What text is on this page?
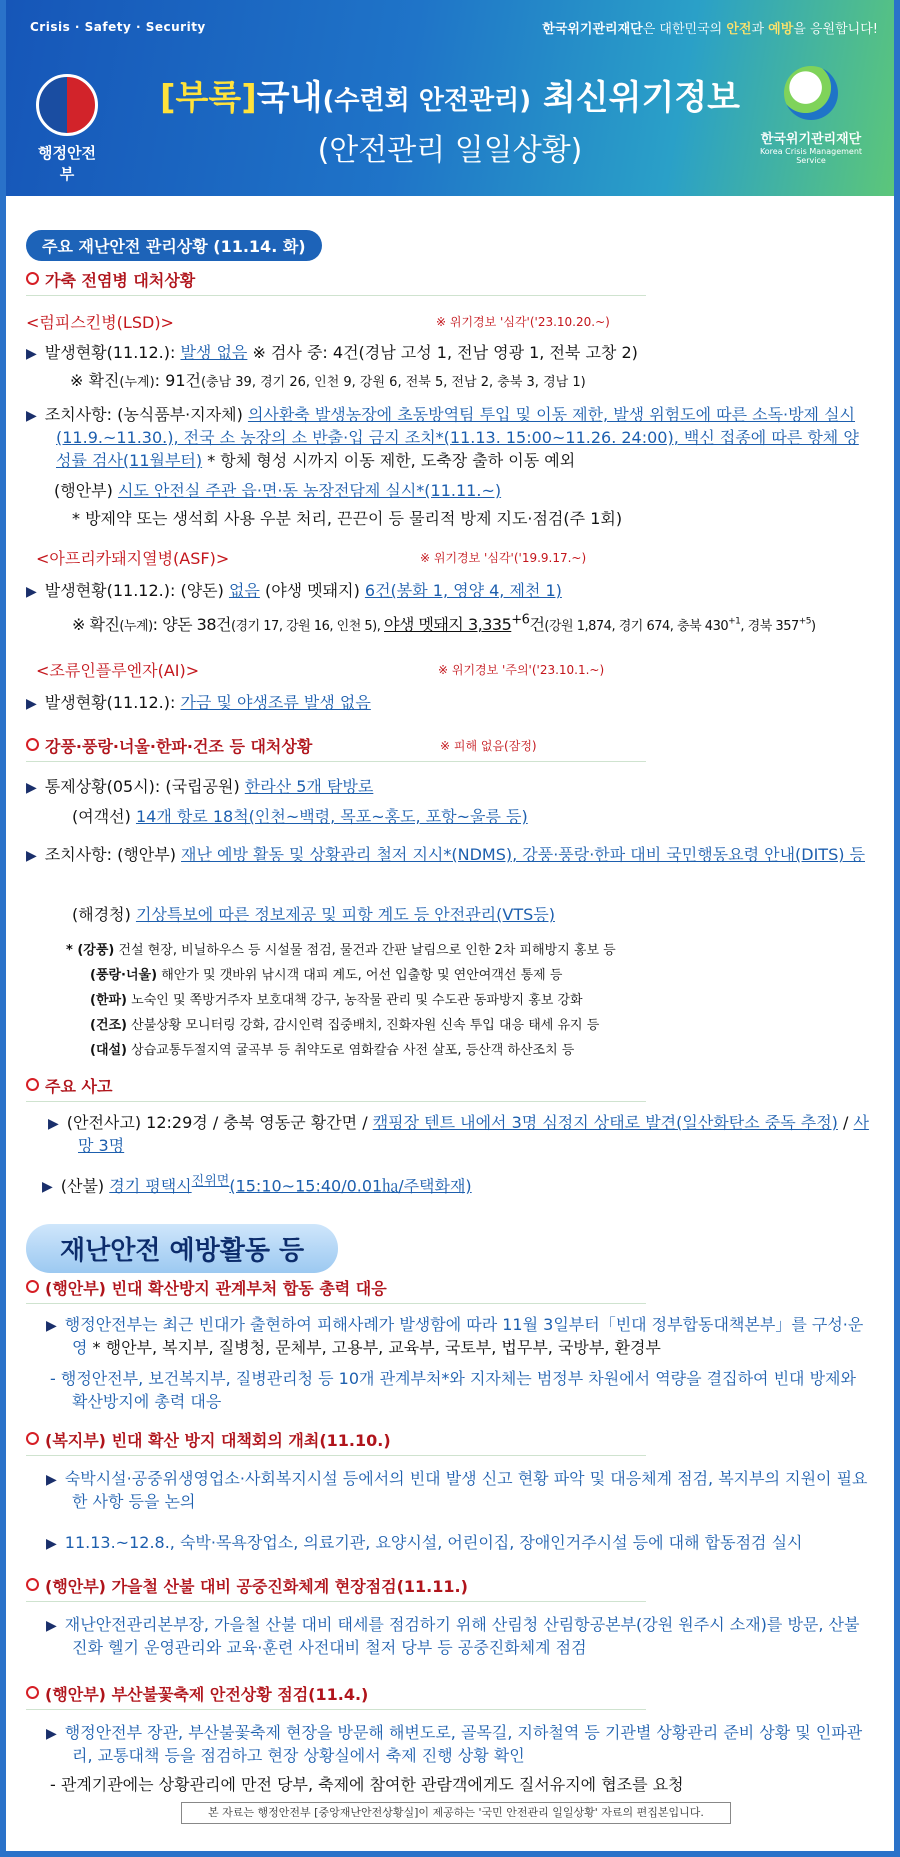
Crisis · Safety · Security	한국위기관리재단은 대한민국의 안전과 예방을 응원합니다!
행정안전부
[부록]국내(수련회 안전관리) 최신위기정보
(안전관리 일일상황)	한국위기관리재단
Korea Crisis Management Service
주요 재난안전 관리상황 (11.14. 화)
가축 전염병 대처상황
<럼피스킨병(LSD)>	※ 위기경보 '심각'('23.10.20.~)
▶ 발생현황(11.12.): 발생 없음 ※ 검사 중: 4건(경남 고성 1, 전남 영광 1, 전북 고창 2)
※ 확진(누계): 91건(충남 39, 경기 26, 인천 9, 강원 6, 전북 5, 전남 2, 충북 3, 경남 1)
▶ 조치사항: (농식품부·지자체) 의사환축 발생농장에 초동방역팀 투입 및 이동 제한, 발생 위험도에 따른 소독·방제 실시(11.9.~11.30.), 전국 소 농장의 소 반출·입 금지 조치*(11.13. 15:00~11.26. 24:00), 백신 접종에 따른 항체 양성률 검사(11월부터) * 항체 형성 시까지 이동 제한, 도축장 출하 이동 예외
(행안부) 시도 안전실 주관 읍·면·동 농장전담제 실시*(11.11.~)
* 방제약 또는 생석회 사용 우분 처리, 끈끈이 등 물리적 방제 지도·점검(주 1회)
<아프리카돼지열병(ASF)>	※ 위기경보 '심각'('19.9.17.~)
▶ 발생현황(11.12.): (양돈) 없음 (야생 멧돼지) 6건(봉화 1, 영양 4, 제천 1)
※ 확진(누계): 양돈 38건(경기 17, 강원 16, 인천 5), 야생 멧돼지 $3,335^{+6}$건(강원 1,874, 경기 674, 충북 $430^{+1}$, 경북 $357^{+5}$)
<조류인플루엔자(AI)>	※ 위기경보 '주의'('23.10.1.~)
▶ 발생현황(11.12.): 가금 및 야생조류 발생 없음
강풍·풍랑·너울·한파·건조 등 대처상황	※ 피해 없음(잠정)
▶ 통제상황(05시): (국립공원) 한라산 5개 탐방로
(여객선) 14개 항로 18척(인천~백령, 목포~홍도, 포항~울릉 등)
▶ 조치사항: (행안부) 재난 예방 활동 및 상황관리 철저 지시*(NDMS), 강풍·풍랑·한파 대비 국민행동요령 안내(DITS) 등
(해경청) 기상특보에 따른 정보제공 및 피항 계도 등 안전관리(VTS등)
* (강풍) 건설 현장, 비닐하우스 등 시설물 점검, 물건과 간판 날림으로 인한 2차 피해방지 홍보 등
(풍랑·너울) 해안가 및 갯바위 낚시객 대피 계도, 어선 입출항 및 연안여객선 통제 등
(한파) 노숙인 및 쪽방거주자 보호대책 강구, 농작물 관리 및 수도관 동파방지 홍보 강화
(건조) 산불상황 모니터링 강화, 감시인력 집중배치, 진화자원 신속 투입 대응 태세 유지 등
(대설) 상습교통두절지역 굴곡부 등 취약도로 염화칼슘 사전 살포, 등산객 하산조치 등
주요 사고
▶ (안전사고) 12:29경 / 충북 영동군 황간면 / 캠핑장 텐트 내에서 3명 심정지 상태로 발견(일산화탄소 중독 추정) / 사망 3명
▶ (산불) 경기 평택시$^{진위면}$(15:10~15:40/0.01㏊/주택화재)
재난안전 예방활동 등
(행안부) 빈대 확산방지 관계부처 합동 총력 대응
▶ 행정안전부는 최근 빈대가 출현하여 피해사례가 발생함에 따라 11월 3일부터「빈대 정부합동대책본부」를 구성·운영 * 행안부, 복지부, 질병청, 문체부, 고용부, 교육부, 국토부, 법무부, 국방부, 환경부
- 행정안전부, 보건복지부, 질병관리청 등 10개 관계부처*와 지자체는 범정부 차원에서 역량을 결집하여 빈대 방제와 확산방지에 총력 대응
(복지부) 빈대 확산 방지 대책회의 개최(11.10.)
▶ 숙박시설·공중위생영업소·사회복지시설 등에서의 빈대 발생 신고 현황 파악 및 대응체계 점검, 복지부의 지원이 필요한 사항 등을 논의
▶ 11.13.~12.8., 숙박·목욕장업소, 의료기관, 요양시설, 어린이집, 장애인거주시설 등에 대해 합동점검 실시
(행안부) 가을철 산불 대비 공중진화체계 현장점검(11.11.)
▶ 재난안전관리본부장, 가을철 산불 대비 태세를 점검하기 위해 산림청 산림항공본부(강원 원주시 소재)를 방문, 산불 진화 헬기 운영관리와 교육·훈련 사전대비 철저 당부 등 공중진화체계 점검
(행안부) 부산불꽃축제 안전상황 점검(11.4.)
▶ 행정안전부 장관, 부산불꽃축제 현장을 방문해 해변도로, 골목길, 지하철역 등 기관별 상황관리 준비 상황 및 인파관리, 교통대책 등을 점검하고 현장 상황실에서 축제 진행 상황 확인
- 관계기관에는 상황관리에 만전 당부, 축제에 참여한 관람객에게도 질서유지에 협조를 요청
본 자료는 행정안전부 [중앙재난안전상황실]이 제공하는 '국민 안전관리 일일상황' 자료의 편집본입니다.
